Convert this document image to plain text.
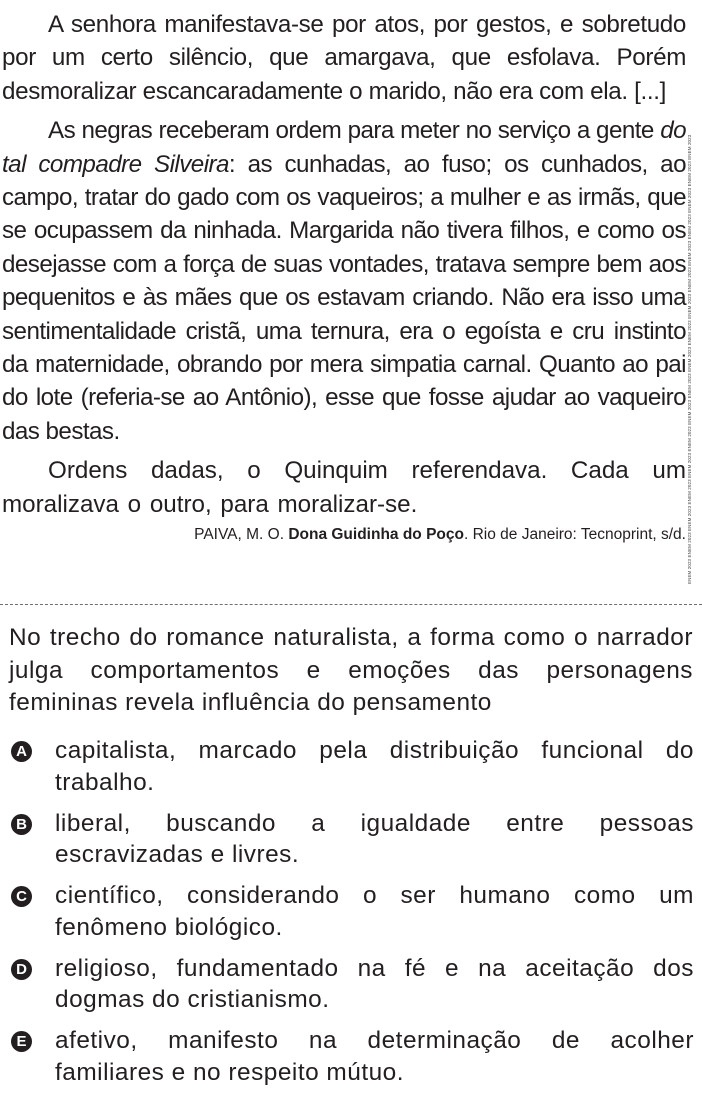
A senhora manifestava-se por atos, por gestos, e sobretudo por um certo silêncio, que amargava, que esfolava. Porém desmoralizar escancaradamente o marido, não era com ela. [...]

As negras receberam ordem para meter no serviço a gente do tal compadre Silveira: as cunhadas, ao fuso; os cunhados, ao campo, tratar do gado com os vaqueiros; a mulher e as irmãs, que se ocupassem da ninhada. Margarida não tivera filhos, e como os desejasse com a força de suas vontades, tratava sempre bem aos pequenitos e às mães que os estavam criando. Não era isso uma sentimentalidade cristã, uma ternura, era o egoísta e cru instinto da maternidade, obrando por mera simpatia carnal. Quanto ao pai do lote (referia-se ao Antônio), esse que fosse ajudar ao vaqueiro das bestas.

Ordens dadas, o Quinquim referendava. Cada um moralizava o outro, para moralizar-se.

PAIVA, M. O. Dona Guidinha do Poço. Rio de Janeiro: Tecnoprint, s/d. ENEM 2023 ENEM 2023 ENEM 2023 ENEM 2023 ENEM 2023 ENEM 2023 ENEM 2023 ENEM 2023 ENEM 2023 ENEM 2023 ENEM 2023 ENEM 2023 ENEM 2023 ENEM 2023 ENEM 2023 ENEM 2023 ENEM 2023

No trecho do romance naturalista, a forma como o narrador julga comportamentos e emoções das personagens femininas revela influência do pensamento

A capitalista, marcado pela distribuição funcional do trabalho.
B liberal, buscando a igualdade entre pessoas escravizadas e livres.
C científico, considerando o ser humano como um fenômeno biológico.
D religioso, fundamentado na fé e na aceitação dos dogmas do cristianismo.
E afetivo, manifesto na determinação de acolher familiares e no respeito mútuo.
